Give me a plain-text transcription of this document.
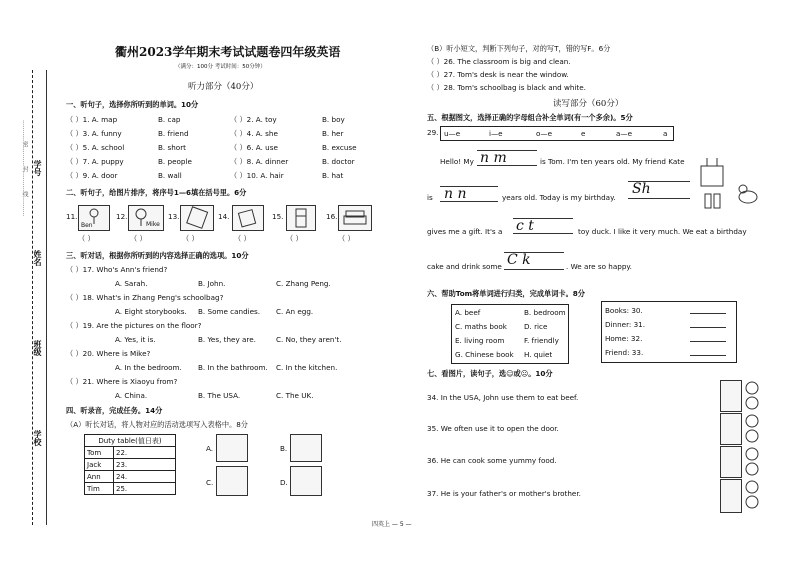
学号
姓名
班级
学校
...........密..........封..........线..........
衢州2023学年期末考试试题卷四年级英语
（满分：100分 考试时间：50分钟）
听力部分（40分）
一、听句子，选择你所听到的单词。10分
（ ）1. A. map	B. cap	（ ）2. A. toy	B. boy
（ ）3. A. funny	B. friend	（ ）4. A. she	B. her
（ ）5. A. school	B. short	（ ）6. A. use	B. excuse
（ ）7. A. puppy	B. people	（ ）8. A. dinner	B. doctor
（ ）9. A. door	B. wall	（ ）10. A. hair	B. hat
二、听句子，给图片排序，将序号1—6填在括号里。6分
11.
Ben
12.
Mike
13.	14.	15.	16.
（ ）	（ ）	（ ）	（ ）	（ ）	（ ）
三、听对话，根据你所听到的内容选择正确的选项。10分
（ ）17. Who's Ann's friend?
A. Sarah.	B. John.	C. Zhang Peng.
（ ）18. What's in Zhang Peng's schoolbag?
A. Eight storybooks. B. Some candies. C. An egg.
（ ）19. Are the pictures on the floor?
A. Yes, it is.	B. Yes, they are.	C. No, they aren't.
（ ）20. Where is Mike?
A. In the bedroom. B. In the bathroom. C. In the kitchen.
（ ）21. Where is Xiaoyu from?
A. China.	B. The USA.	C. The UK.
四、听录音，完成任务。14分
（A）听长对话，将人物对应的活动选项写入表格中。8分
Duty table(值日表)	
Tom	22.
Jack	23.
Ann	24.
Tim	25.
A.	B.
C.	D.
（B）听小短文，判断下列句子，对的写T，错的写F。6分
（ ）26. The classroom is big and clean.
（ ）27. Tom's desk is near the window.
（ ）28. Tom's schoolbag is black and white.
读写部分（60分）
五、根据图文，选择正确的字母组合补全单词(有一个多余)。5分
29. u—e	i—e	o—e	e	a—e	a
Hello! My n m	is Tom. I'm ten years old. My friend Kate
is n n	years old. Today is my birthday.
Sh
gives me a gift. It's a c t	toy duck. I like it very much. We eat a birthday
cake and drink some C k	. We are so happy.
六、帮助Tom将单词进行归类，完成单词卡。8分
A. beef	B. bedroom
C. maths book D. rice
E. living room	F. friendly
G. Chinese book H. quiet
Books: 30.
Dinner: 31.
Home: 32.
Friend: 33.
七、看图片，读句子，选☺或☹。10分
34. In the USA, John use them to eat beef.
35. We often use it to open the door.
36. He can cook some yummy food.
37. He is your father's or mother's brother.
四英上 — 5 —
